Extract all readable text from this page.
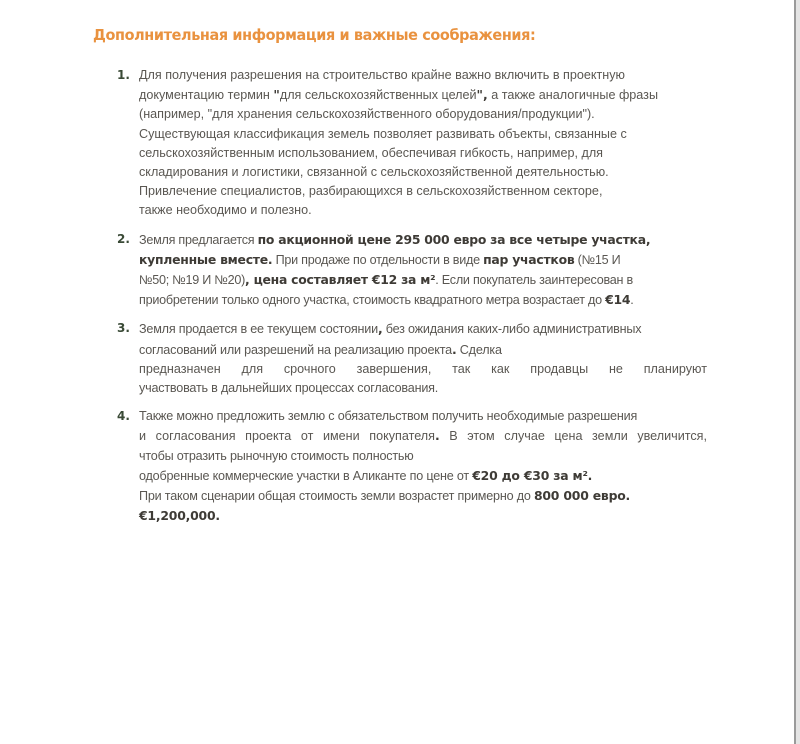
Дополнительная информация и важные соображения:
1. Для получения разрешения на строительство крайне важно включить в проектную
документацию термин "для сельскохозяйственных целей", а также аналогичные фразы
(например, "для хранения сельскохозяйственного оборудования/продукции").
Существующая классификация земель позволяет развивать объекты, связанные с
сельскохозяйственным использованием, обеспечивая гибкость, например, для
складирования и логистики, связанной с сельскохозяйственной деятельностью.
Привлечение специалистов, разбирающихся в сельскохозяйственном секторе,
также необходимо и полезно.
2. Земля предлагается по акционной цене 295 000 евро за все четыре участка,
купленные вместе. При продаже по отдельности в виде пар участков (№15 И
№50; №19 И №20), цена составляет €12 за м². Если покупатель заинтересован в
приобретении только одного участка, стоимость квадратного метра возрастает до €14.
3. Земля продается в ее текущем состоянии, без ожидания каких-либо административных
согласований или разрешений на реализацию проекта. Сделка
предназначен для срочного завершения, так как продавцы не планируют
участвовать в дальнейших процессах согласования.
4. Также можно предложить землю с обязательством получить необходимые разрешения
и согласования проекта от имени покупателя. В этом случае цена земли увеличится,
чтобы отразить рыночную стоимость полностью
одобренные коммерческие участки в Аликанте по цене от €20 до €30 за м².
При таком сценарии общая стоимость земли возрастет примерно до 800 000 евро.
€1,200,000.
